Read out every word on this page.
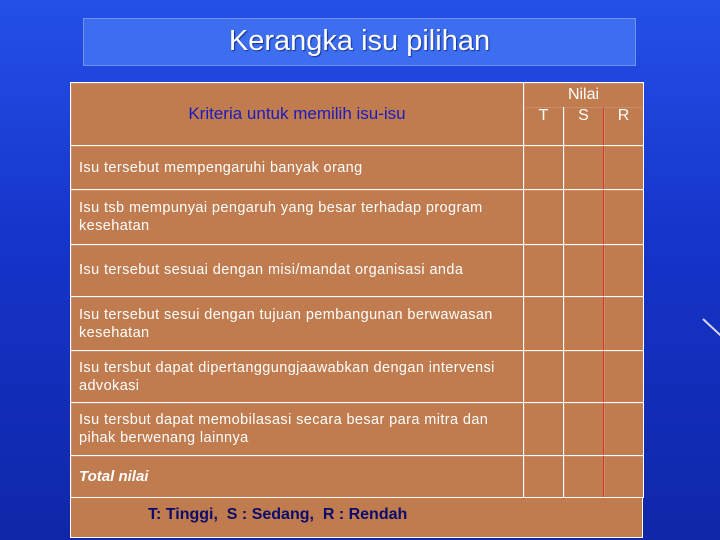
Kerangka isu pilihan
Kriteria untuk memilih isu-isu	Nilai		
	T	S	R
Isu tersebut mempengaruhi banyak orang			
Isu tsb mempunyai pengaruh yang besar terhadap program kesehatan			
Isu tersebut sesuai dengan misi/mandat organisasi anda			
Isu tersebut sesui dengan tujuan pembangunan berwawasan kesehatan			
Isu tersbut dapat dipertanggungjaawabkan dengan intervensi advokasi			
Isu tersbut dapat memobilasasi secara besar para mitra dan pihak berwenang lainnya			
Total nilai			
T: Tinggi,  S : Sedang,  R : Rendah
